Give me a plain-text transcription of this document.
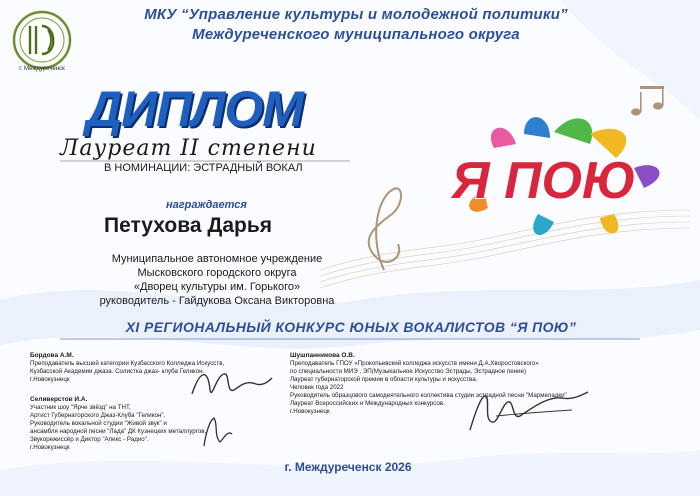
г. Междуреченск
МКУ “Управление культуры и молодежной политики”
Междуреченского муниципального округа
ДИПЛОМ
Лауреат II степени
В НОМИНАЦИИ: ЭСТРАДНЫЙ ВОКАЛ
награждается
Петухова Дарья
Муниципальное автономное учреждение
Мысковского городского округа
«Дворец культуры им. Горького»
руководитель - Гайдукова Оксана Викторовна
Я ПОЮ
XI РЕГИОНАЛЬНЫЙ КОНКУРС ЮНЫХ ВОКАЛИСТОВ “Я ПОЮ”
Бордова А.М.
Преподаватель высшей категории Кузбасского Колледжа Искусств,
Кузбасской Академии джаза. Солистка джаз- клуба Геликон.
г.Новокузнецк
Селиверстов И.А.
Участник шоу "Ярче звёзд" на ТНТ,
Артист Губернаторского Джаз-Клуба "Геликон",
Руководитель вокальной студии "Живой звук" и
ансамбля народной песни "Лада" ДК Кузнецких металлургов,
Звукорежиссёр и Диктор "Апекс - Радио".
г.Новокузнецк
Шушпанникова О.В.
Преподаватель ГПОУ «Прокопьевский колледжа искусств имени Д.А.Хворостовского»
по специальности МИЭ , ЭП(Музыкальное Искусство Эстрады, Эстрадное пение)
Лауреат губернаторской премии в области культуры и искусства.
Человек года 2022
Руководитель образцового самодеятельного коллектива студии эстрадной песни "Мармеладки"
Лауреат Всероссийских и Международных конкурсов.
г.Новокузнецк
г. Междуреченск 2026
